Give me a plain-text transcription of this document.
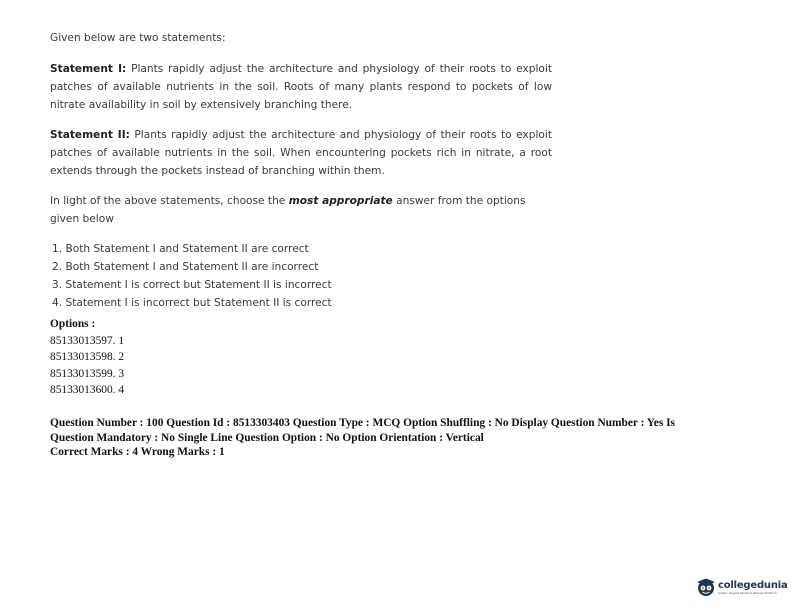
Given below are two statements:
Statement I: Plants rapidly adjust the architecture and physiology of their roots to exploit patches of available nutrients in the soil. Roots of many plants respond to pockets of low nitrate availability in soil by extensively branching there.
Statement II: Plants rapidly adjust the architecture and physiology of their roots to exploit patches of available nutrients in the soil. When encountering pockets rich in nitrate, a root extends through the pockets instead of branching within them.
In light of the above statements, choose the most appropriate answer from the options given below
1. Both Statement I and Statement II are correct
2. Both Statement I and Statement II are incorrect
3. Statement I is correct but Statement II is incorrect
4. Statement I is incorrect but Statement II is correct
Options :
85133013597. 1
85133013598. 2
85133013599. 3
85133013600. 4
Question Number : 100 Question Id : 8513303403 Question Type : MCQ Option Shuffling : No Display Question Number : Yes Is
Question Mandatory : No Single Line Question Option : No Option Orientation : Vertical
Correct Marks : 4 Wrong Marks : 1
collegedunia
India's largest Student Review Platform
